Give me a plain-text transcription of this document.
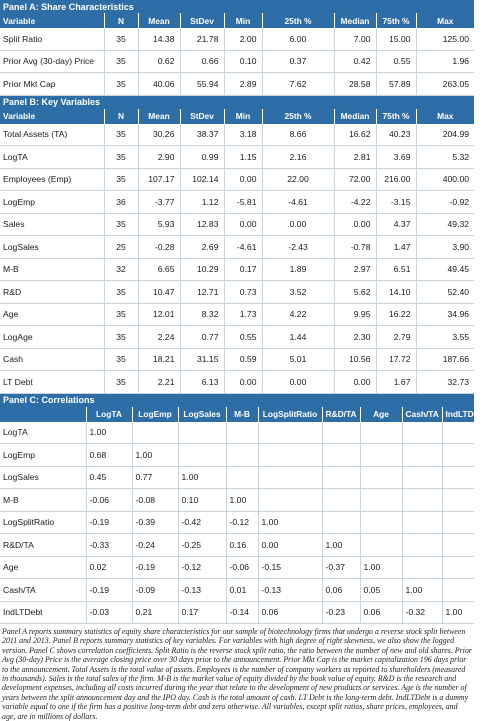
Panel A: Share Characteristics								
Variable	N	Mean	StDev	Min	25th %	Median	75th %	Max
Split Ratio	35	14.38	21.78	2.00	6.00	7.00	15.00	125.00
Prior Avg (30-day) Price	35	0.62	0.66	0.10	0.37	0.42	0.55	1.96
Prior Mkt Cap	35	40.06	55.94	2.89	7.62	28.58	57.89	263.05
Panel B: Key Variables								
Variable	N	Mean	StDev	Min	25th %	Median	75th %	Max
Total Assets (TA)	35	30.26	38.37	3.18	8.66	16.62	40.23	204.99
LogTA	35	2.90	0.99	1.15	2.16	2.81	3.69	5.32
Employees (Emp)	35	107.17	102.14	0.00	22.00	72.00	216.00	400.00
LogEmp	36	-3.77	1.12	-5.81	-4.61	-4.22	-3.15	-0.92
Sales	35	5.93	12.83	0.00	0.00	0.00	4.37	49.32
LogSales	25	-0.28	2.69	-4.61	-2.43	-0.78	1.47	3.90
M-B	32	6.65	10.29	0.17	1.89	2.97	6.51	49.45
R&D	35	10.47	12.71	0.73	3.52	5.62	14.10	52.40
Age	35	12.01	8.32	1.73	4.22	9.95	16.22	34.96
LogAge	35	2.24	0.77	0.55	1.44	2.30	2.79	3.55
Cash	35	18.21	31.15	0.59	5.01	10.56	17.72	187.66
LT Debt	35	2.21	6.13	0.00	0.00	0.00	1.67	32.73
Panel C: Correlations									
	LogTA	LogEmp	LogSales	M-B	LogSplitRatio	R&D/TA	Age	Cash/TA	IndLTDebt
LogTA	1.00								
LogEmp	0.68	1.00							
LogSales	0.45	0.77	1.00						
M-B	-0.06	-0.08	0.10	1.00					
LogSplitRatio	-0.19	-0.39	-0.42	-0.12	1.00				
R&D/TA	-0.33	-0.24	-0.25	0.16	0.00	1.00			
Age	0.02	-0.19	-0.12	-0.06	-0.15	-0.37	1.00		
Cash/TA	-0.19	-0.09	-0.13	0.01	-0.13	0.06	0.05	1.00	
IndLTDebt	-0.03	0.21	0.17	-0.14	0.06	-0.23	0.06	-0.32	1.00
Panel A reports summary statistics of equity share characteristics for our sample of biotechnology firms that undergo a reverse stock split between 2011 and 2013. Panel B reports summary statistics of key variables. For variables with high degree of right skewness, we also show the logged version. Panel C shows correlation coefficients. Split Ratio is the reverse stock split ratio, the ratio between the number of new and old shares. Prior Avg (30-day) Price is the average closing price over 30 days prior to the announcement. Prior Mkt Cap is the market capitalization 196 days prior to the announcement. Total Assets is the total value of assets. Employees is the number of company workers as reported to shareholders (measured in thousands). Sales is the total sales of the firm. M-B is the market value of equity divided by the book value of equity. R&D is the research and development expenses, including all costs incurred during the year that relate to the development of new products or services. Age is the number of years between the split announcement day and the IPO day. Cash is the total amount of cash. LT Debt is the long-term debt. IndLTDebt is a dummy variable equal to one if the firm has a positive long-term debt and zero otherwise. All variables, except split ratios, share prices, employees, and age, are in millions of dollars.
